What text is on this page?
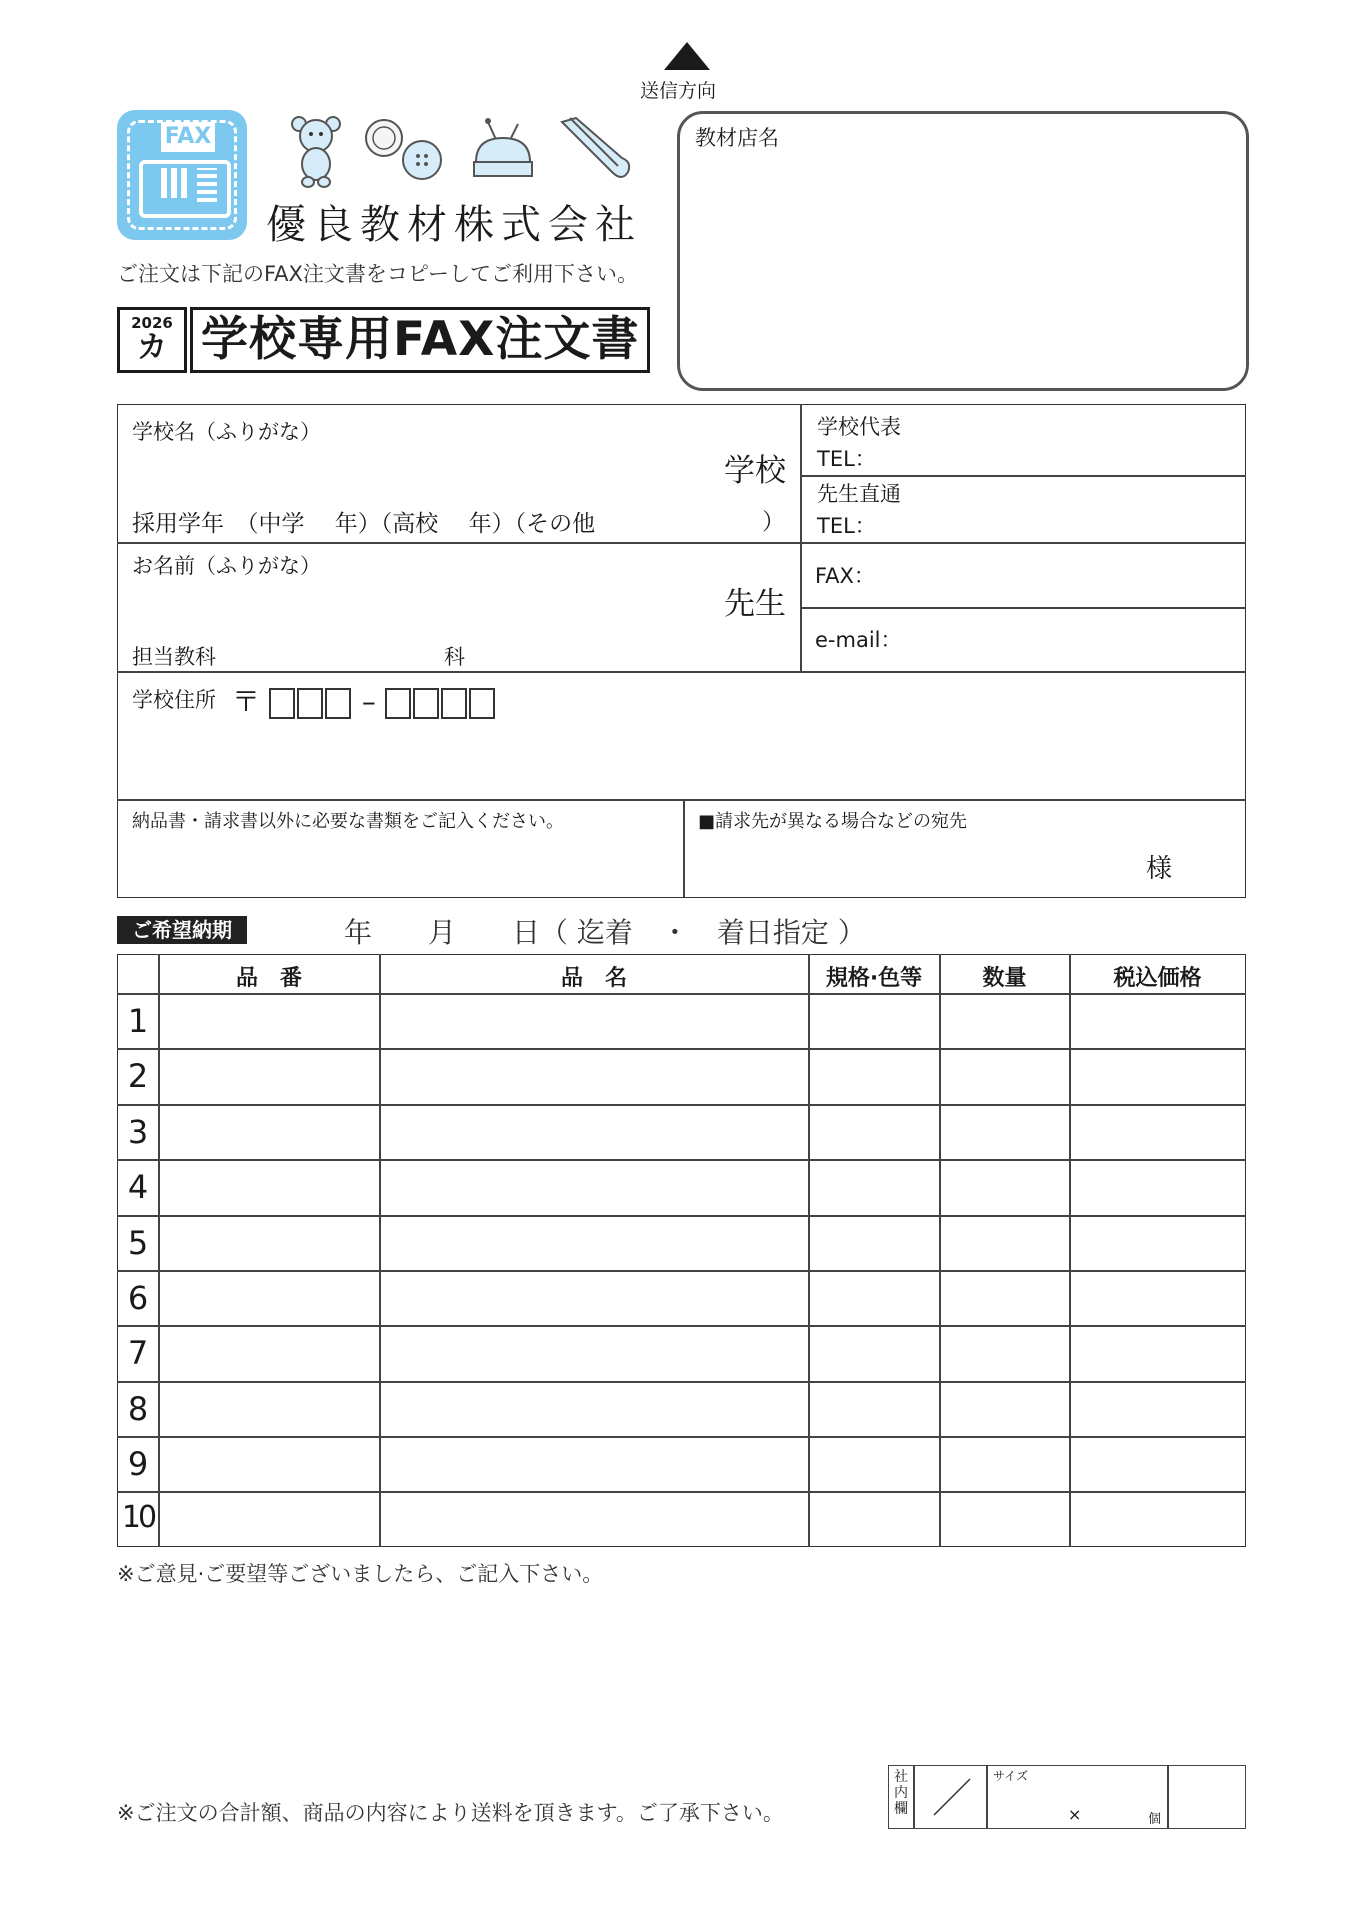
送信方向
FAX
優良教材株式会社
ご注文は下記のFAX注文書をコピーしてご利用下さい。
2026
カ 学校専用FAX注文書
教材店名
学校名（ふりがな）
学校
採用学年　（中学　 年）（高校　 年）（その他	）
学校代表
TEL：
先生直通
TEL：
お名前（ふりがな）
先生
FAX：
担当教科	科
e-mail：
学校住所 〒	–
納品書・請求書以外に必要な書類をご記入ください。	■請求先が異なる場合などの宛先
様
ご希望納期	年　　月　　日（ 迄着　・　着日指定 ）
品　番	品　名	規格·色等	数量	税込価格
1
2
3
4
5
6
7
8
9
10
※ご意見·ご要望等ございましたら、ご記入下さい。
※ご注文の合計額、商品の内容により送料を頂きます。ご了承下さい。
社内欄
サイズ
×	個
